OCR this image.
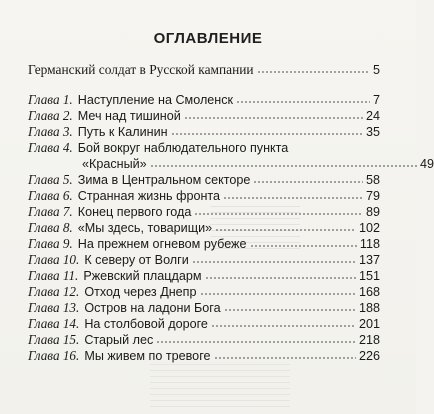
ОГЛАВЛЕНИЕ
Германский солдат в Русской кампании	5
Глава 1. Наступление на Смоленск	7
Глава 2. Меч над тишиной	24
Глава 3. Путь к Калинин	35
Глава 4. Бой вокруг наблюдательного пункта
«Красный»	49
Глава 5. Зима в Центральном секторе	58
Глава 6. Странная жизнь фронта	79
Глава 7. Конец первого года	89
Глава 8. «Мы здесь, товарищи»	102
Глава 9. На прежнем огневом рубеже	118
Глава 10. К северу от Волги	137
Глава 11. Ржевский плацдарм	151
Глава 12. Отход через Днепр	168
Глава 13. Остров на ладони Бога	188
Глава 14. На столбовой дороге	201
Глава 15. Старый лес	218
Глава 16. Мы живем по тревоге	226
